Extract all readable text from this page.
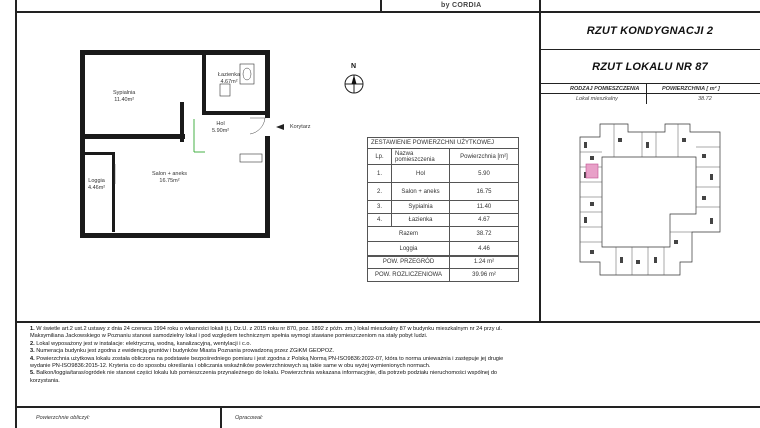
by CORDIA
RZUT KONDYGNACJI 2
RZUT LOKALU NR 87
RODZAJ POMIESZCZENIA	POWIERZCHNIA [ m² ]
Lokal mieszkalny	38.72
Sypialnia
11.40m²
Łazienka
4.67m²
Hol
5.90m²
Loggia
4.46m²
Salon + aneks
16.75m²
Korytarz
N
ZESTAWIENIE POWIERZCHNI UŻYTKOWEJ		
Lp.	Nazwa pomieszczenia	Powierzchnia [m²]
1.	Hol	5.90
2.	Salon + aneks	16.75
3.	Sypialnia	11.40
4.	Łazienka	4.67
Razem		38.72
Loggia		4.46
POW. PRZEGRÓD	1.24 m²
POW. ROZLICZENIOWA	39.96 m²

1. W świetle art.2 ust.2 ustawy z dnia 24 czerwca 1994 roku o własności lokali (t.j. Dz.U. z 2015 roku nr 870, poz. 1892 z późn. zm.) lokal mieszkalny 87 w budynku mieszkalnym nr 24 przy ul. Maksymiliana Jackowskiego w Poznaniu stanowi samodzielny lokal i pod względem technicznym spełnia wymogi stawiane pomieszczeniom na stały pobyt ludzi.

2. Lokal wyposażony jest w instalacje: elektryczną, wodną, kanalizacyjną, wentylacji i c.o.

3. Numeracja budynku jest zgodna z ewidencją gruntów i budynków Miasta Poznania prowadzoną przez ZGiKM GEOPOZ.

4. Powierzchnia użytkowa lokalu została obliczona na podstawie bezpośredniego pomiaru i jest zgodna z Polską Normą PN-ISO9836:2022-07, która to norma unieważnia i zastępuje jej drugie wydanie PN-ISO9836:2015-12. Kryteria co do sposobu określania i obliczania wskaźników powierzchniowych są takie same w obu wyżej wymienionych normach.

5. Balkon/loggia/taras/ogródek nie stanowi części lokalu lub pomieszczenia przynależnego do lokalu. Powierzchnia wskazana informacyjnie, dla potrzeb podziału nieruchomości wspólnej do korzystania.

Powierzchnie obliczył:	Opracował:
